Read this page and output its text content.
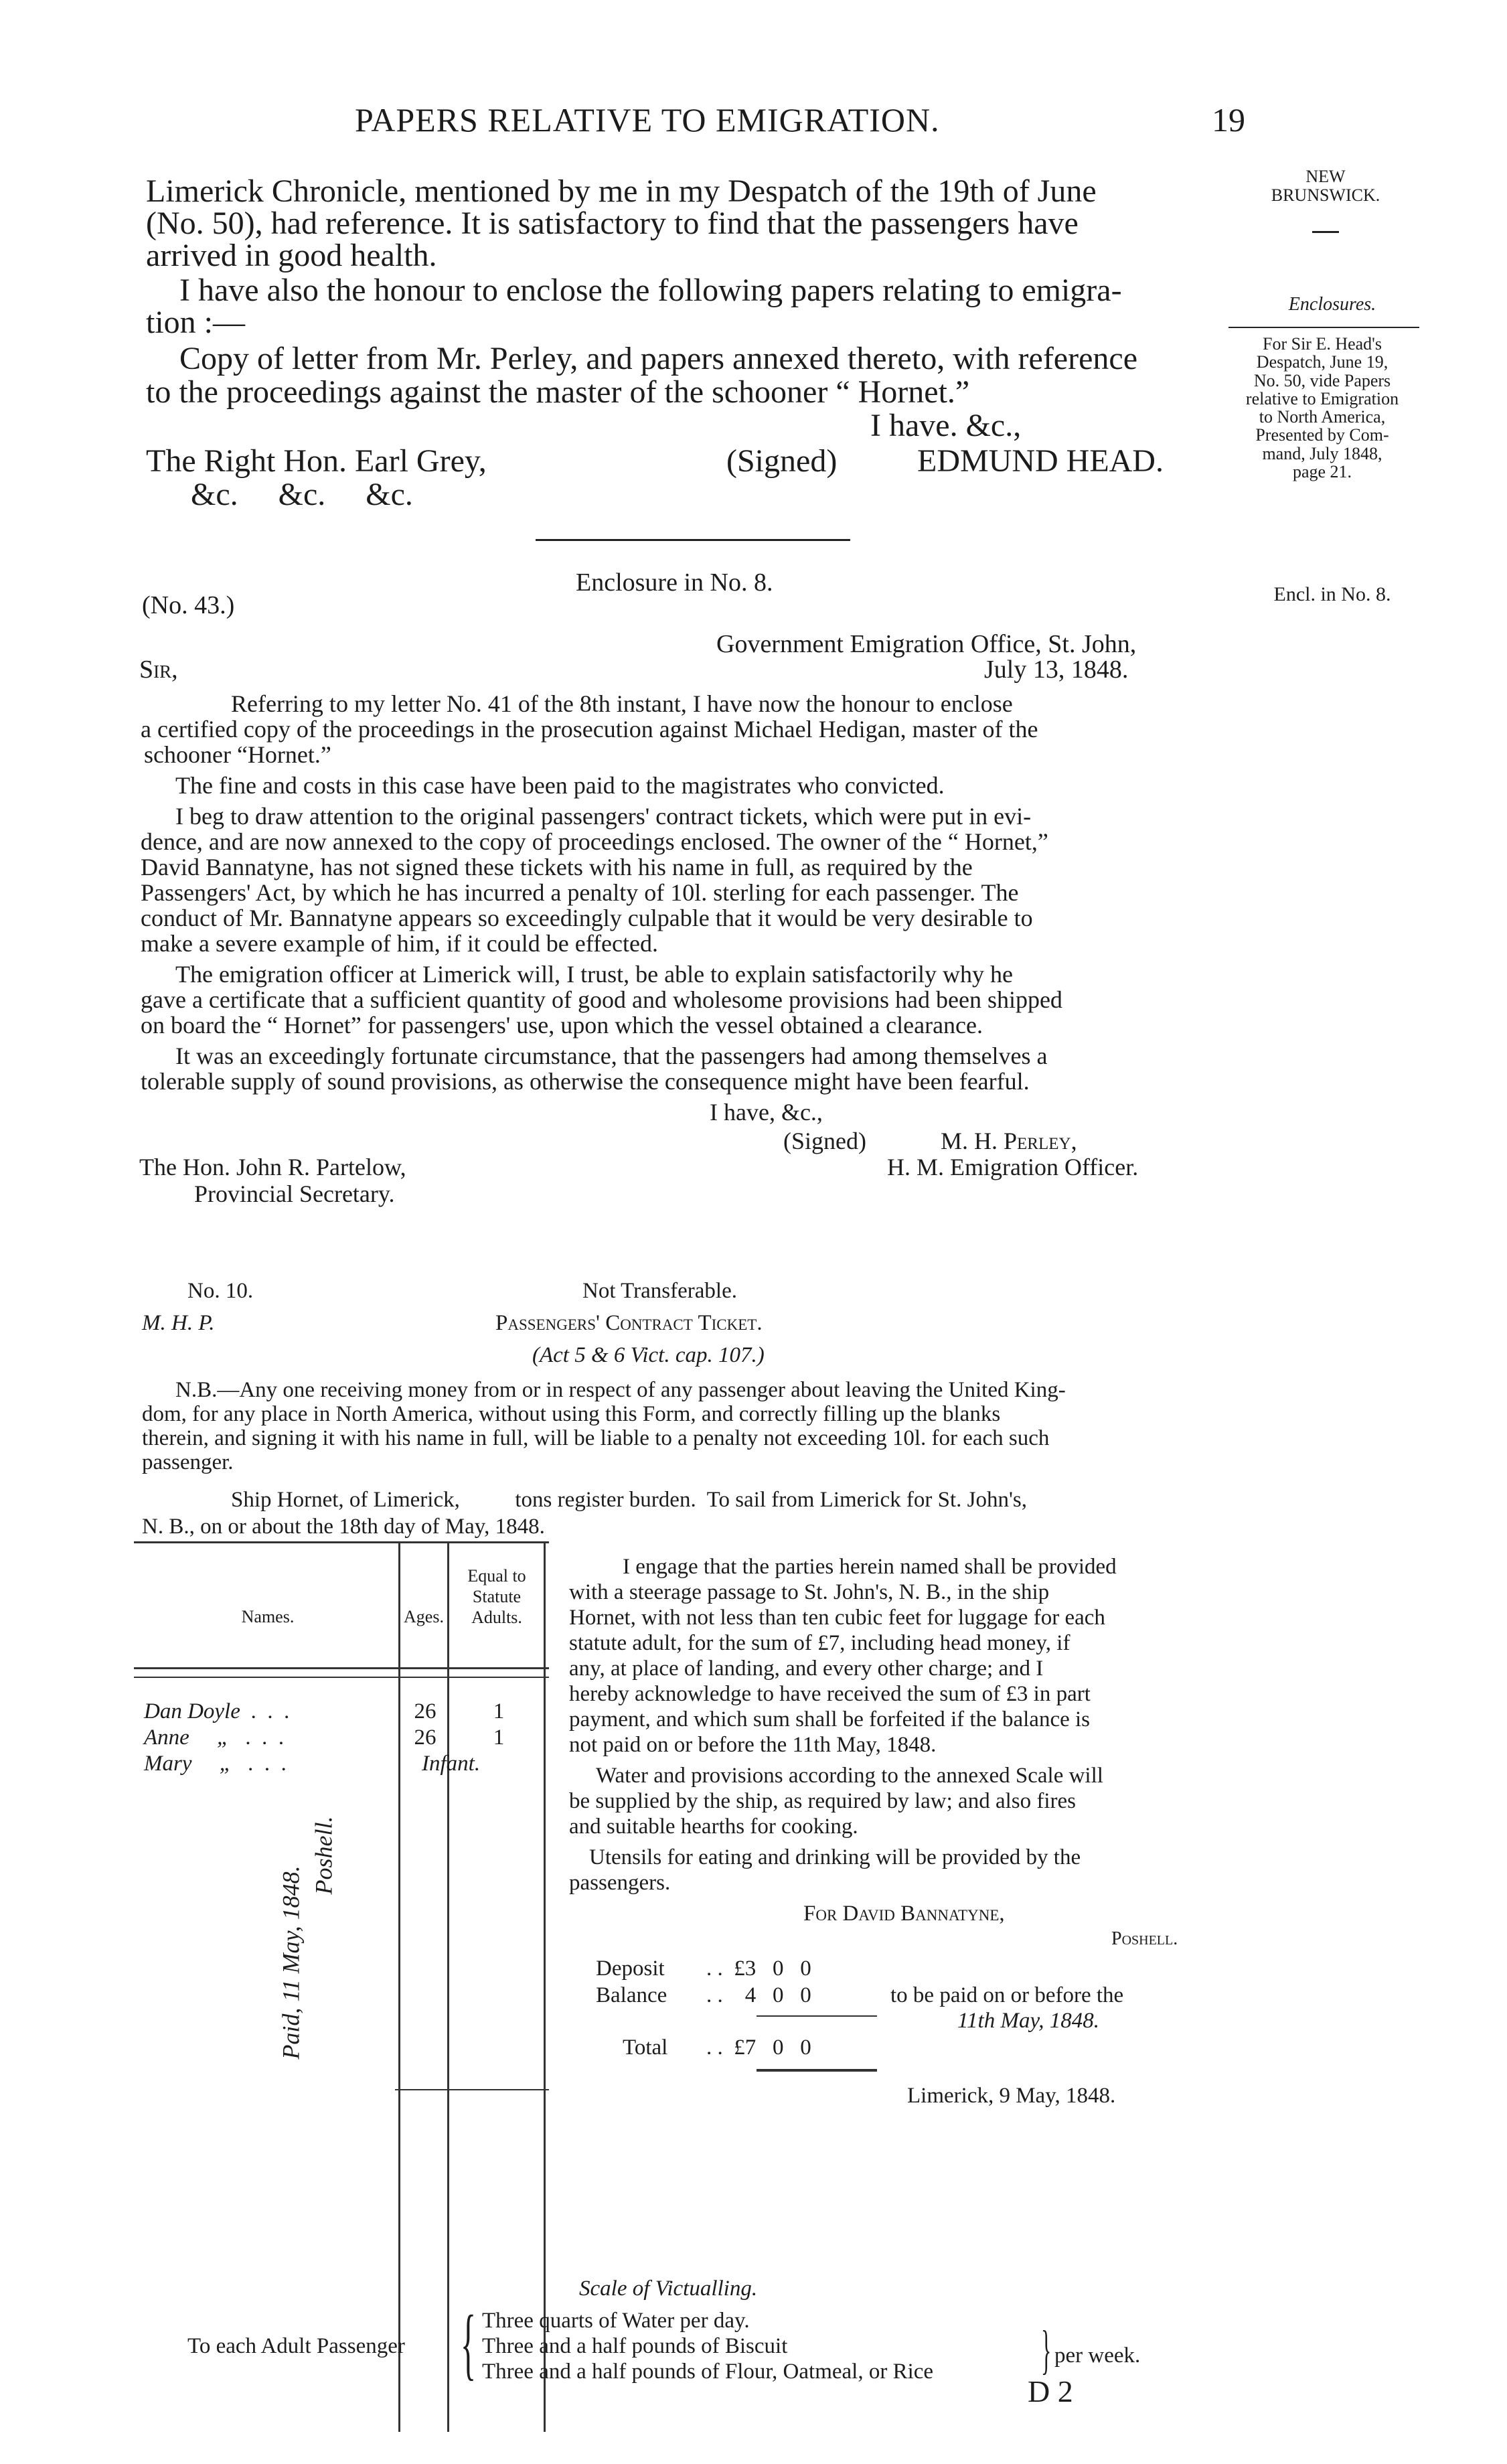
PAPERS RELATIVE TO EMIGRATION.	19
NEW
BRUNSWICK.
Enclosures.
For Sir E. Head's
Despatch, June 19,
No. 50, vide Papers
relative to Emigration
to North America,
Presented by Com-
mand, July 1848,
page 21.
Encl. in No. 8.
Limerick Chronicle, mentioned by me in my Despatch of the 19th of June
(No. 50), had reference. It is satisfactory to find that the passengers have
arrived in good health.
I have also the honour to enclose the following papers relating to emigra-
tion :—
Copy of letter from Mr. Perley, and papers annexed thereto, with reference
to the proceedings against the master of the schooner “ Hornet.”
I have. &c.,
The Right Hon. Earl Grey,	(Signed) EDMUND HEAD.
&c.     &c.     &c.
Enclosure in No. 8.
(No. 43.)
Government Emigration Office, St. John,
Sir,	July 13, 1848.
Referring to my letter No. 41 of the 8th instant, I have now the honour to enclose
a certified copy of the proceedings in the prosecution against Michael Hedigan, master of the
schooner “Hornet.”
The fine and costs in this case have been paid to the magistrates who convicted.
I beg to draw attention to the original passengers' contract tickets, which were put in evi-
dence, and are now annexed to the copy of proceedings enclosed. The owner of the “ Hornet,”
David Bannatyne, has not signed these tickets with his name in full, as required by the
Passengers' Act, by which he has incurred a penalty of 10l. sterling for each passenger. The
conduct of Mr. Bannatyne appears so exceedingly culpable that it would be very desirable to
make a severe example of him, if it could be effected.
The emigration officer at Limerick will, I trust, be able to explain satisfactorily why he
gave a certificate that a sufficient quantity of good and wholesome provisions had been shipped
on board the “ Hornet” for passengers' use, upon which the vessel obtained a clearance.
It was an exceedingly fortunate circumstance, that the passengers had among themselves a
tolerable supply of sound provisions, as otherwise the consequence might have been fearful.
I have, &c.,
(Signed)	M. H. Perley,
The Hon. John R. Partelow,	H. M. Emigration Officer.
Provincial Secretary.
No. 10.	Not Transferable.
M. H. P.	Passengers' Contract Ticket.
(Act 5 & 6 Vict. cap. 107.)
N.B.—Any one receiving money from or in respect of any passenger about leaving the United King-
dom, for any place in North America, without using this Form, and correctly filling up the blanks
therein, and signing it with his name in full, will be liable to a penalty not exceeding 10l. for each such
passenger.
Ship Hornet, of Limerick,          tons register burden.  To sail from Limerick for St. John's,
N. B., on or about the 18th day of May, 1848.
Names.	Ages.
Equal to Statute Adults.
Dan Doyle  .  .  .	26	1
Anne     „   .  .  .	26	1
Mary     „   .  .  .	Infant.
Paid, 11 May, 1848.
Poshell.
I engage that the parties herein named shall be provided
with a steerage passage to St. John's, N. B., in the ship
Hornet, with not less than ten cubic feet for luggage for each
statute adult, for the sum of £7, including head money, if
any, at place of landing, and every other charge; and I
hereby acknowledge to have received the sum of £3 in part
payment, and which sum shall be forfeited if the balance is
not paid on or before the 11th May, 1848.
Water and provisions according to the annexed Scale will
be supplied by the ship, as required by law; and also fires
and suitable hearths for cooking.
Utensils for eating and drinking will be provided by the
passengers.
For David Bannatyne,
Poshell.
Deposit . .  £3   0   0
Balance . .    4   0   0	to be paid on or before the
11th May, 1848.
Total . .  £7   0   0
Limerick, 9 May, 1848.
Scale of Victualling.
To each Adult Passenger { Three quarts of Water per day.
Three and a half pounds of Biscuit
Three and a half pounds of Flour, Oatmeal, or Rice } per week.
D 2
